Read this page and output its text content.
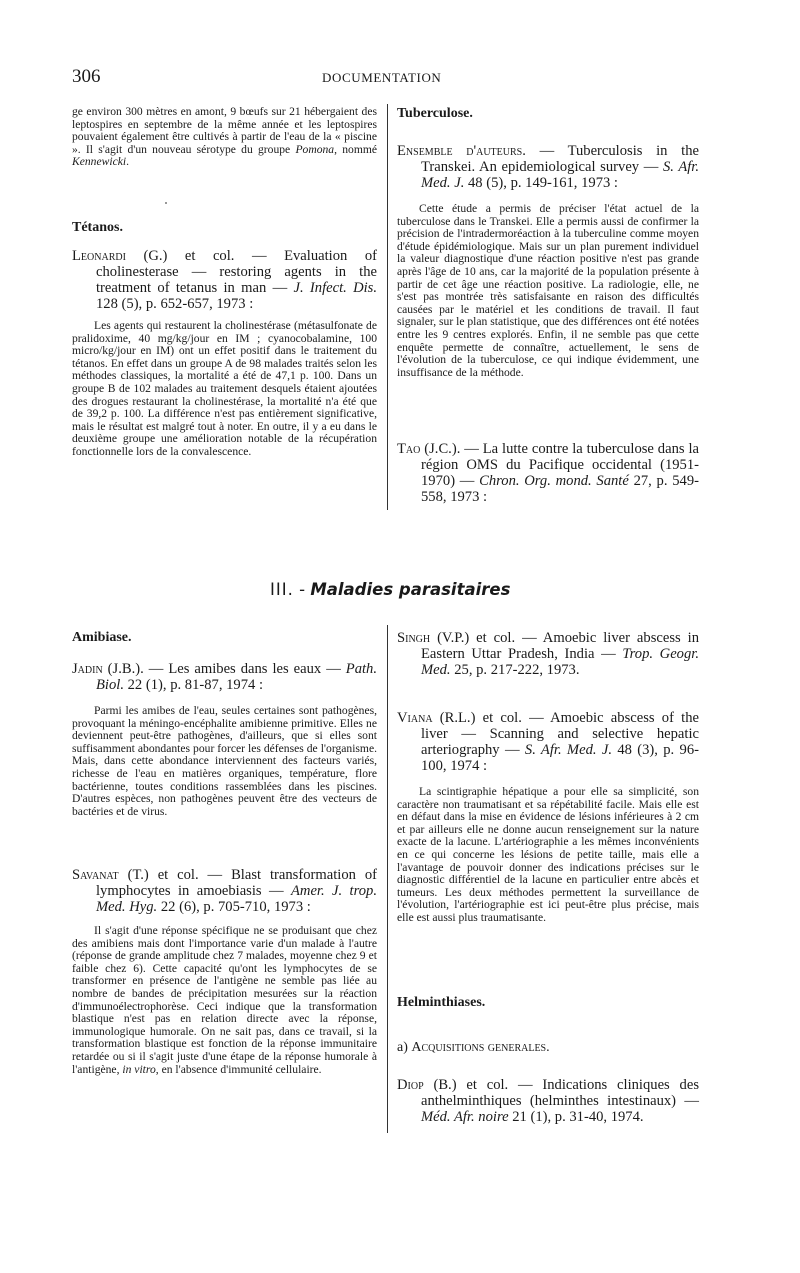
306	DOCUMENTATION

ge environ 300 mètres en amont, 9 bœufs sur 21 hébergaient des leptospires en septembre de la même année et les leptospires pouvaient également être cultivés à partir de l'eau de la « piscine ». Il s'agit d'un nouveau sérotype du groupe Pomona, nommé Kennewicki.

Tétanos.

Leonardi (G.) et col. — Evaluation of cholinesterase — restoring agents in the treatment of tetanus in man — J. Infect. Dis. 128 (5), p. 652-657, 1973 :

Les agents qui restaurent la cholinestérase (métasulfonate de pralidoxime, 40 mg/kg/jour en IM ; cyanocobalamine, 100 micro/kg/jour en IM) ont un effet positif dans le traitement du tétanos. En effet dans un groupe A de 98 malades traités selon les méthodes classiques, la mortalité a été de 47,1 p. 100. Dans un groupe B de 102 malades au traitement desquels étaient ajoutées des drogues restaurant la cholinestérase, la mortalité n'a été que de 39,2 p. 100. La différence n'est pas entièrement significative, mais le résultat est malgré tout à noter. En outre, il y a eu dans le deuxième groupe une amélioration notable de la récupération fonctionnelle lors de la convalescence.

Tuberculose.

Ensemble d'auteurs. — Tuberculosis in the Transkei. An epidemiological survey — S. Afr. Med. J. 48 (5), p. 149-161, 1973 :

Cette étude a permis de préciser l'état actuel de la tuberculose dans le Transkei. Elle a permis aussi de confirmer la précision de l'intradermoréaction à la tuberculine comme moyen d'étude épidémiologique. Mais sur un plan purement individuel la valeur diagnostique d'une réaction positive n'est pas grande après l'âge de 10 ans, car la majorité de la population présente à partir de cet âge une réaction positive. La radiologie, elle, ne s'est pas montrée très satisfaisante en raison des difficultés causées par le matériel et les conditions de travail. Il faut signaler, sur le plan statistique, que des différences ont été notées entre les 9 centres explorés. Enfin, il ne semble pas que cette enquête permette de connaître, actuellement, le sens de l'évolution de la tuberculose, ce qui indique évidemment, une insuffisance de la méthode.

Tao (J.C.). — La lutte contre la tuberculose dans la région OMS du Pacifique occidental (1951-1970) — Chron. Org. mond. Santé 27, p. 549-558, 1973 :

III. - Maladies parasitaires
Amibiase.

Jadin (J.B.). — Les amibes dans les eaux — Path. Biol. 22 (1), p. 81-87, 1974 :

Parmi les amibes de l'eau, seules certaines sont pathogènes, provoquant la méningo-encéphalite amibienne primitive. Elles ne deviennent peut-être pathogènes, d'ailleurs, que si elles sont suffisamment abondantes pour forcer les défenses de l'organisme. Mais, dans cette abondance interviennent des facteurs variés, richesse de l'eau en matières organiques, température, flore bactérienne, toutes conditions rassemblées dans les piscines. D'autres espèces, non pathogènes peuvent être des vecteurs de bactéries et de virus.

Savanat (T.) et col. — Blast transformation of lymphocytes in amoebiasis — Amer. J. trop. Med. Hyg. 22 (6), p. 705-710, 1973 :

Il s'agit d'une réponse spécifique ne se produisant que chez des amibiens mais dont l'importance varie d'un malade à l'autre (réponse de grande amplitude chez 7 malades, moyenne chez 9 et faible chez 6). Cette capacité qu'ont les lymphocytes de se transformer en présence de l'antigène ne semble pas liée au nombre de bandes de précipitation mesurées sur la réaction d'immunoélectrophorèse. Ceci indique que la transformation blastique n'est pas en relation directe avec la réponse, immunologique humorale. On ne sait pas, dans ce travail, si la transformation blastique est fonction de la réponse immunitaire retardée ou si il s'agit juste d'une étape de la réponse humorale à l'antigène, in vitro, en l'absence d'immunité cellulaire.

Singh (V.P.) et col. — Amoebic liver abscess in Eastern Uttar Pradesh, India — Trop. Geogr. Med. 25, p. 217-222, 1973.

Viana (R.L.) et col. — Amoebic abscess of the liver — Scanning and selective hepatic arteriography — S. Afr. Med. J. 48 (3), p. 96-100, 1974 :

La scintigraphie hépatique a pour elle sa simplicité, son caractère non traumatisant et sa répétabilité facile. Mais elle est en défaut dans la mise en évidence de lésions inférieures à 2 cm et par ailleurs elle ne donne aucun renseignement sur la nature exacte de la lacune. L'artériographie a les mêmes inconvénients en ce qui concerne les lésions de petite taille, mais elle a l'avantage de pouvoir donner des indications précises sur le diagnostic différentiel de la lacune en particulier entre abcès et tumeurs. Les deux méthodes permettent la surveillance de l'évolution, l'artériographie est ici peut-être plus précise, mais elle est aussi plus traumatisante.

Helminthiases.
a) Acquisitions generales.

Diop (B.) et col. — Indications cliniques des anthelminthiques (helminthes intestinaux) — Méd. Afr. noire 21 (1), p. 31-40, 1974.
